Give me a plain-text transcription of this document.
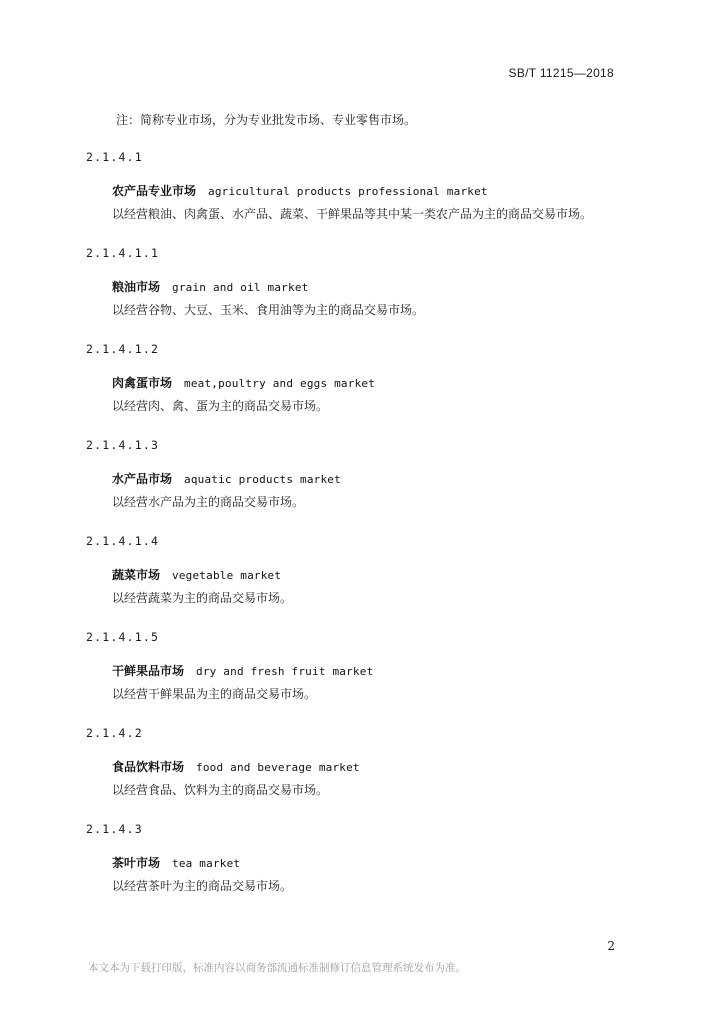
SB/T 11215—2018
注：简称专业市场，分为专业批发市场、专业零售市场。
2.1.4.1
农产品专业市场 agricultural products professional market
以经营粮油、肉禽蛋、水产品、蔬菜、干鲜果品等其中某一类农产品为主的商品交易市场。
2.1.4.1.1
粮油市场 grain and oil market
以经营谷物、大豆、玉米、食用油等为主的商品交易市场。
2.1.4.1.2
肉禽蛋市场 meat,poultry and eggs market
以经营肉、禽、蛋为主的商品交易市场。
2.1.4.1.3
水产品市场 aquatic products market
以经营水产品为主的商品交易市场。
2.1.4.1.4
蔬菜市场 vegetable market
以经营蔬菜为主的商品交易市场。
2.1.4.1.5
干鲜果品市场 dry and fresh fruit market
以经营干鲜果品为主的商品交易市场。
2.1.4.2
食品饮料市场 food and beverage market
以经营食品、饮料为主的商品交易市场。
2.1.4.3
茶叶市场 tea market
以经营茶叶为主的商品交易市场。
2
本文本为下载打印版，标准内容以商务部流通标准制修订信息管理系统发布为准。
